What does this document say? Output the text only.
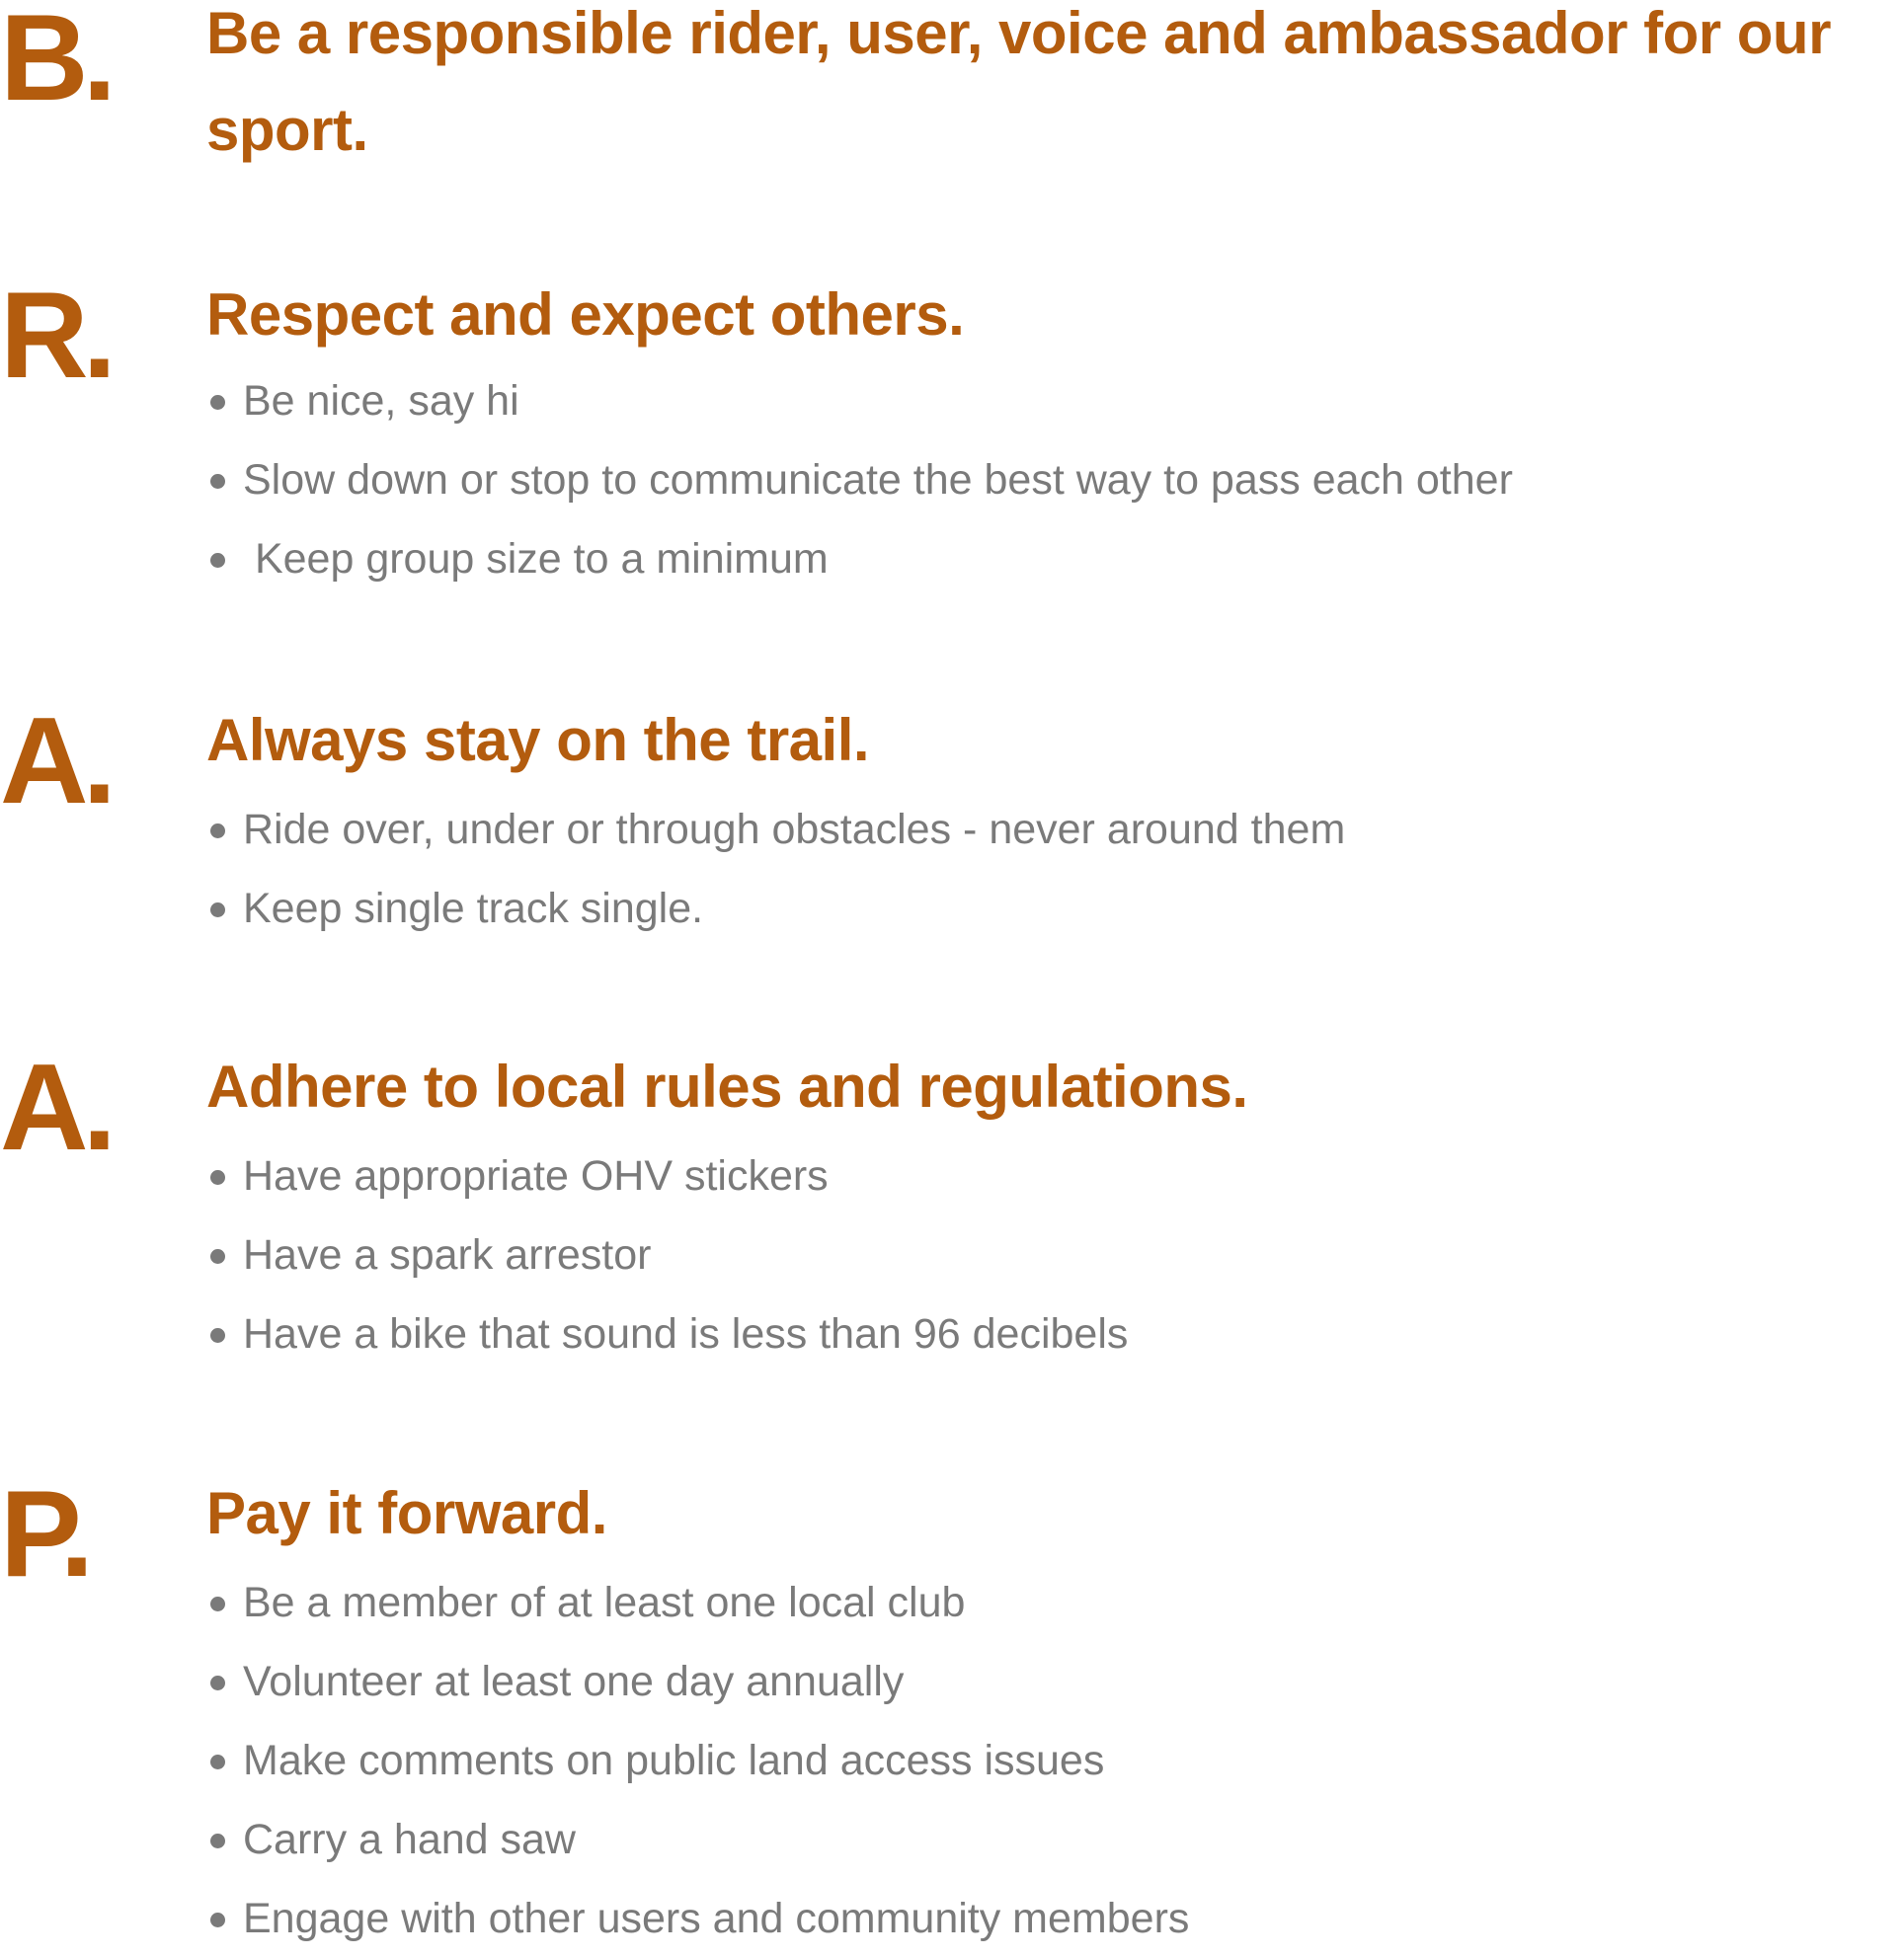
B. Be a responsible rider, user, voice and ambassador for our sport.
R. Respect and expect others.
Be nice, say hi
Slow down or stop to communicate the best way to pass each other
Keep group size to a minimum
A. Always stay on the trail.
Ride over, under or through obstacles - never around them
Keep single track single.
A. Adhere to local rules and regulations.
Have appropriate OHV stickers
Have a spark arrestor
Have a bike that sound is less than 96 decibels
P. Pay it forward.
Be a member of at least one local club
Volunteer at least one day annually
Make comments on public land access issues
Carry a hand saw
Engage with other users and community members
